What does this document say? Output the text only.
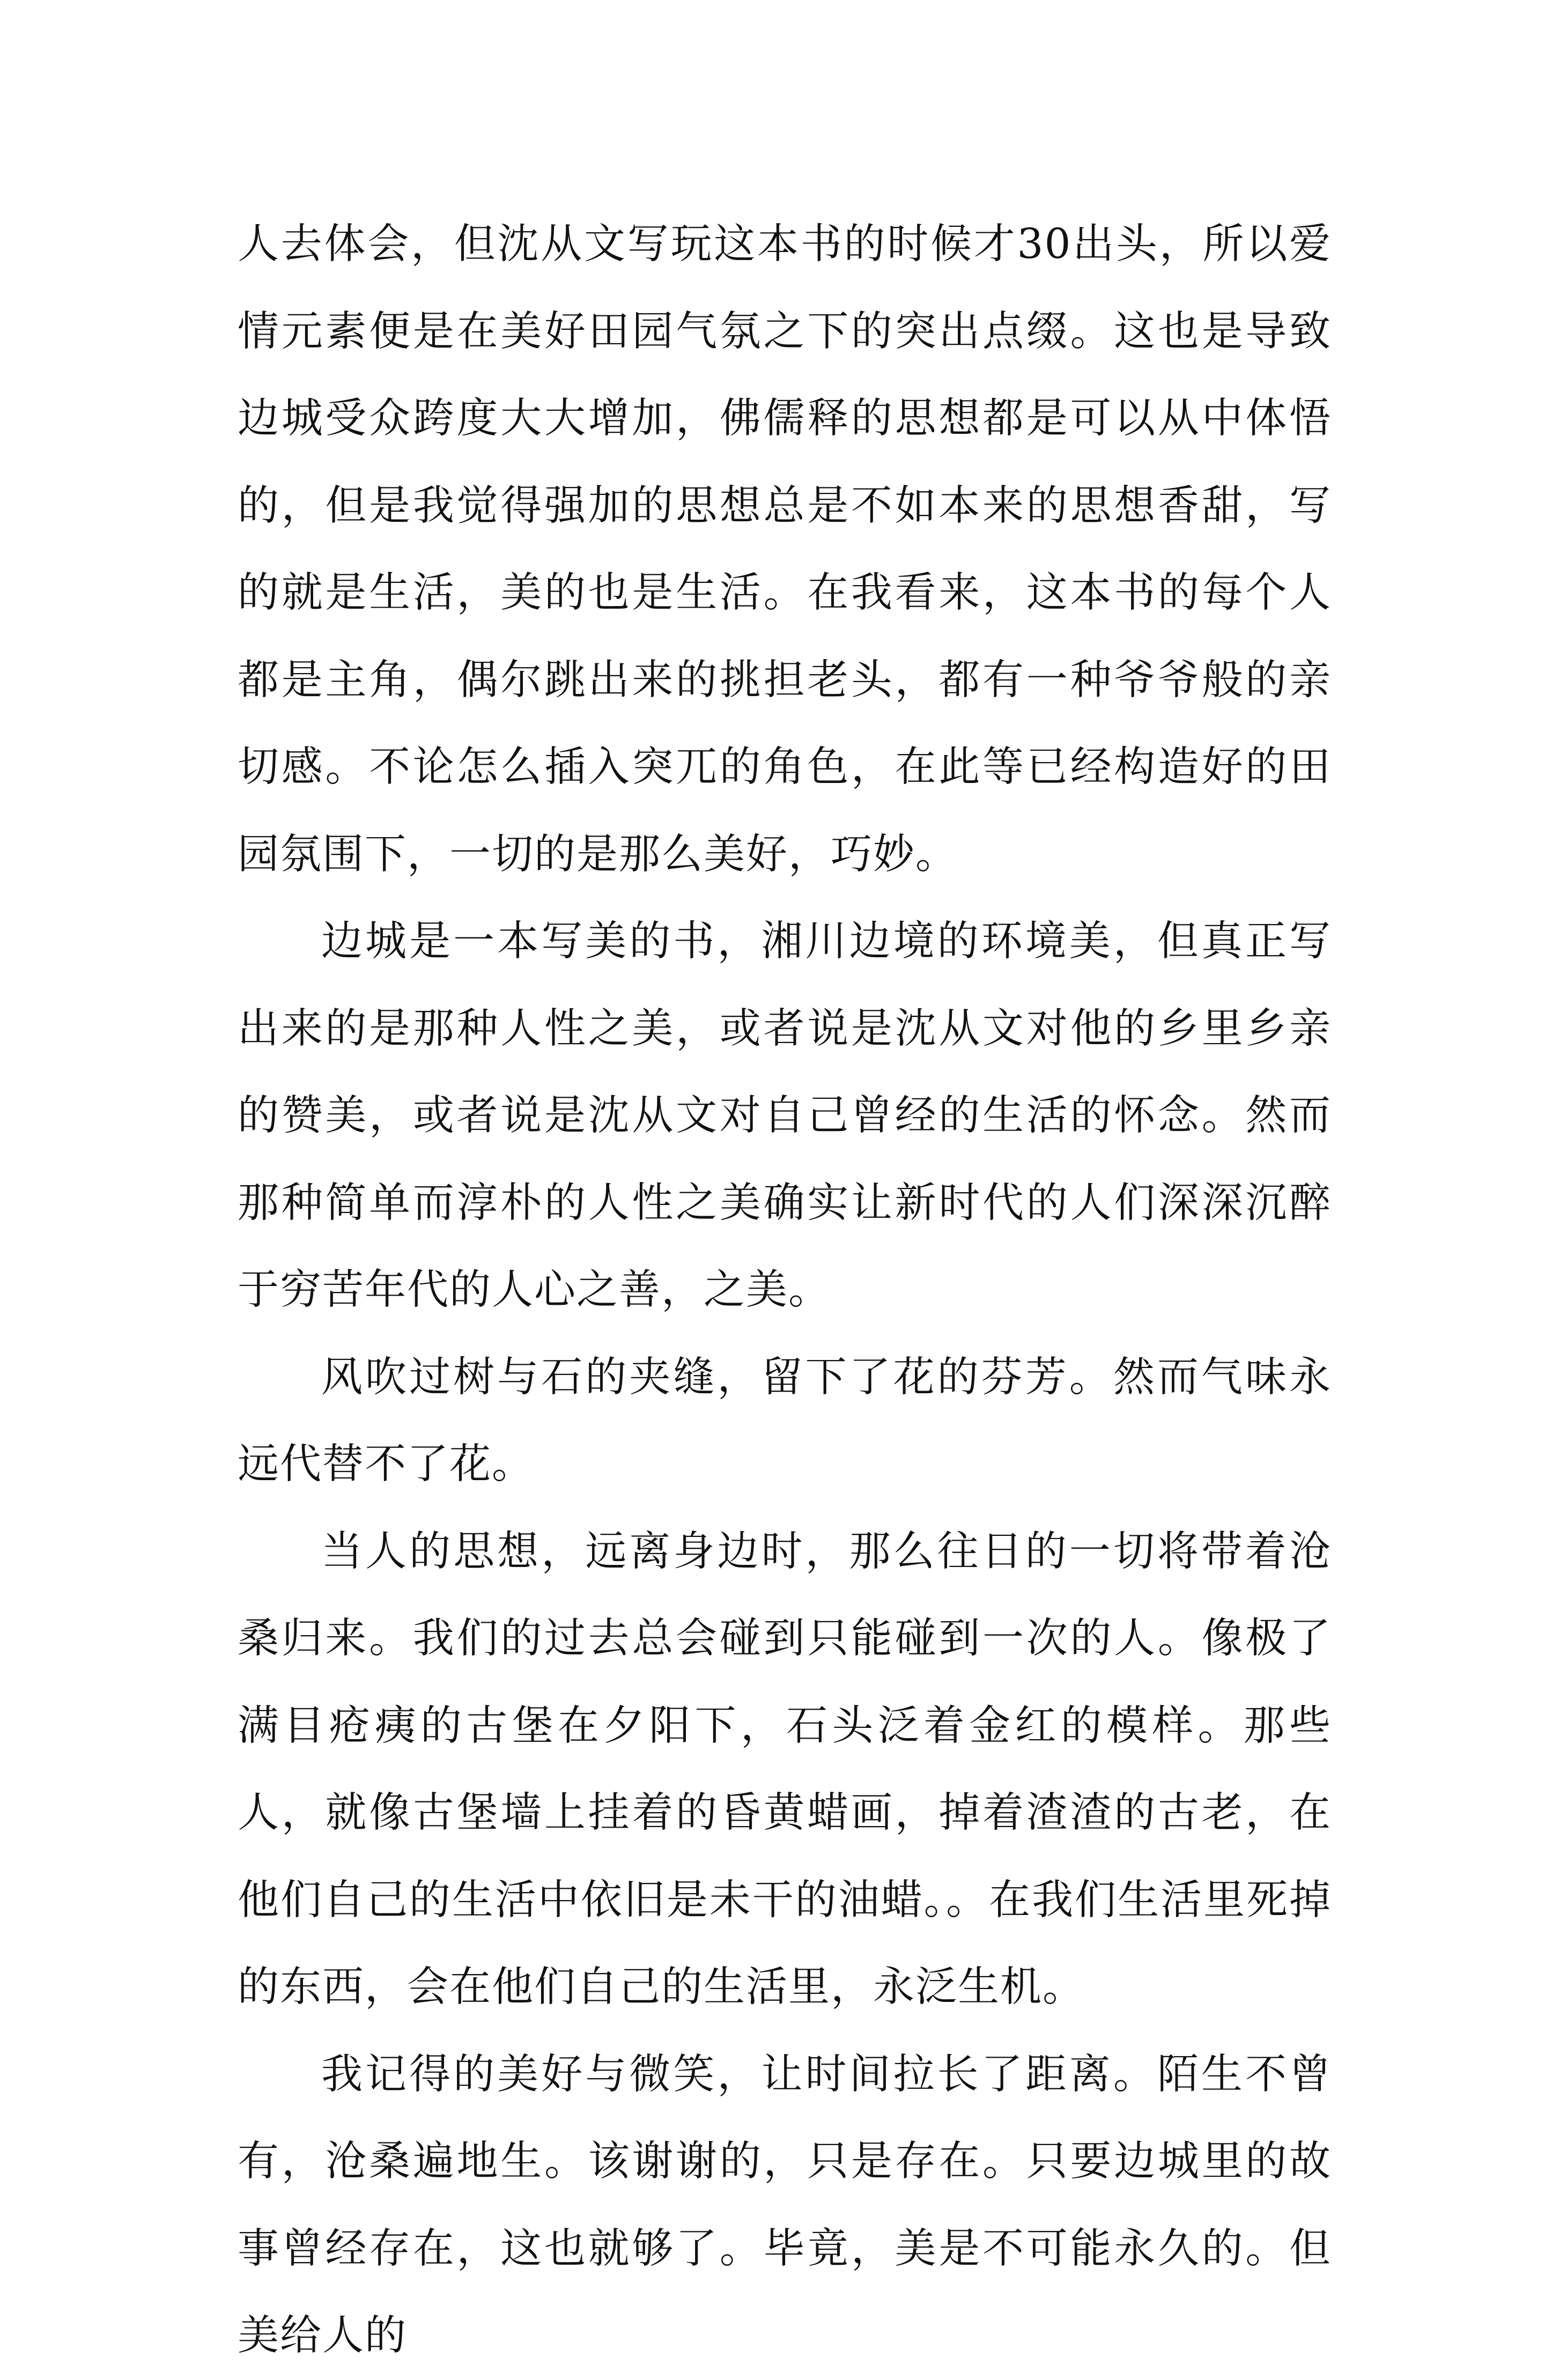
人去体会，但沈从文写玩这本书的时候才30出头，所以爱情元素便是在美好田园气氛之下的突出点缀。这也是导致边城受众跨度大大增加，佛儒释的思想都是可以从中体悟的，但是我觉得强加的思想总是不如本来的思想香甜，写的就是生活，美的也是生活。在我看来，这本书的每个人都是主角，偶尔跳出来的挑担老头，都有一种爷爷般的亲切感。不论怎么插入突兀的角色，在此等已经构造好的田园氛围下，一切的是那么美好，巧妙。

边城是一本写美的书，湘川边境的环境美，但真正写出来的是那种人性之美，或者说是沈从文对他的乡里乡亲的赞美，或者说是沈从文对自己曾经的生活的怀念。然而那种简单而淳朴的人性之美确实让新时代的人们深深沉醉于穷苦年代的人心之善，之美。

风吹过树与石的夹缝，留下了花的芬芳。然而气味永远代替不了花。

当人的思想，远离身边时，那么往日的一切将带着沧桑归来。我们的过去总会碰到只能碰到一次的人。像极了满目疮痍的古堡在夕阳下，石头泛着金红的模样。那些人，就像古堡墙上挂着的昏黄蜡画，掉着渣渣的古老，在他们自己的生活中依旧是未干的油蜡。。在我们生活里死掉的东西，会在他们自己的生活里，永泛生机。

我记得的美好与微笑，让时间拉长了距离。陌生不曾有，沧桑遍地生。该谢谢的，只是存在。只要边城里的故事曾经存在，这也就够了。毕竟，美是不可能永久的。但美给人的
